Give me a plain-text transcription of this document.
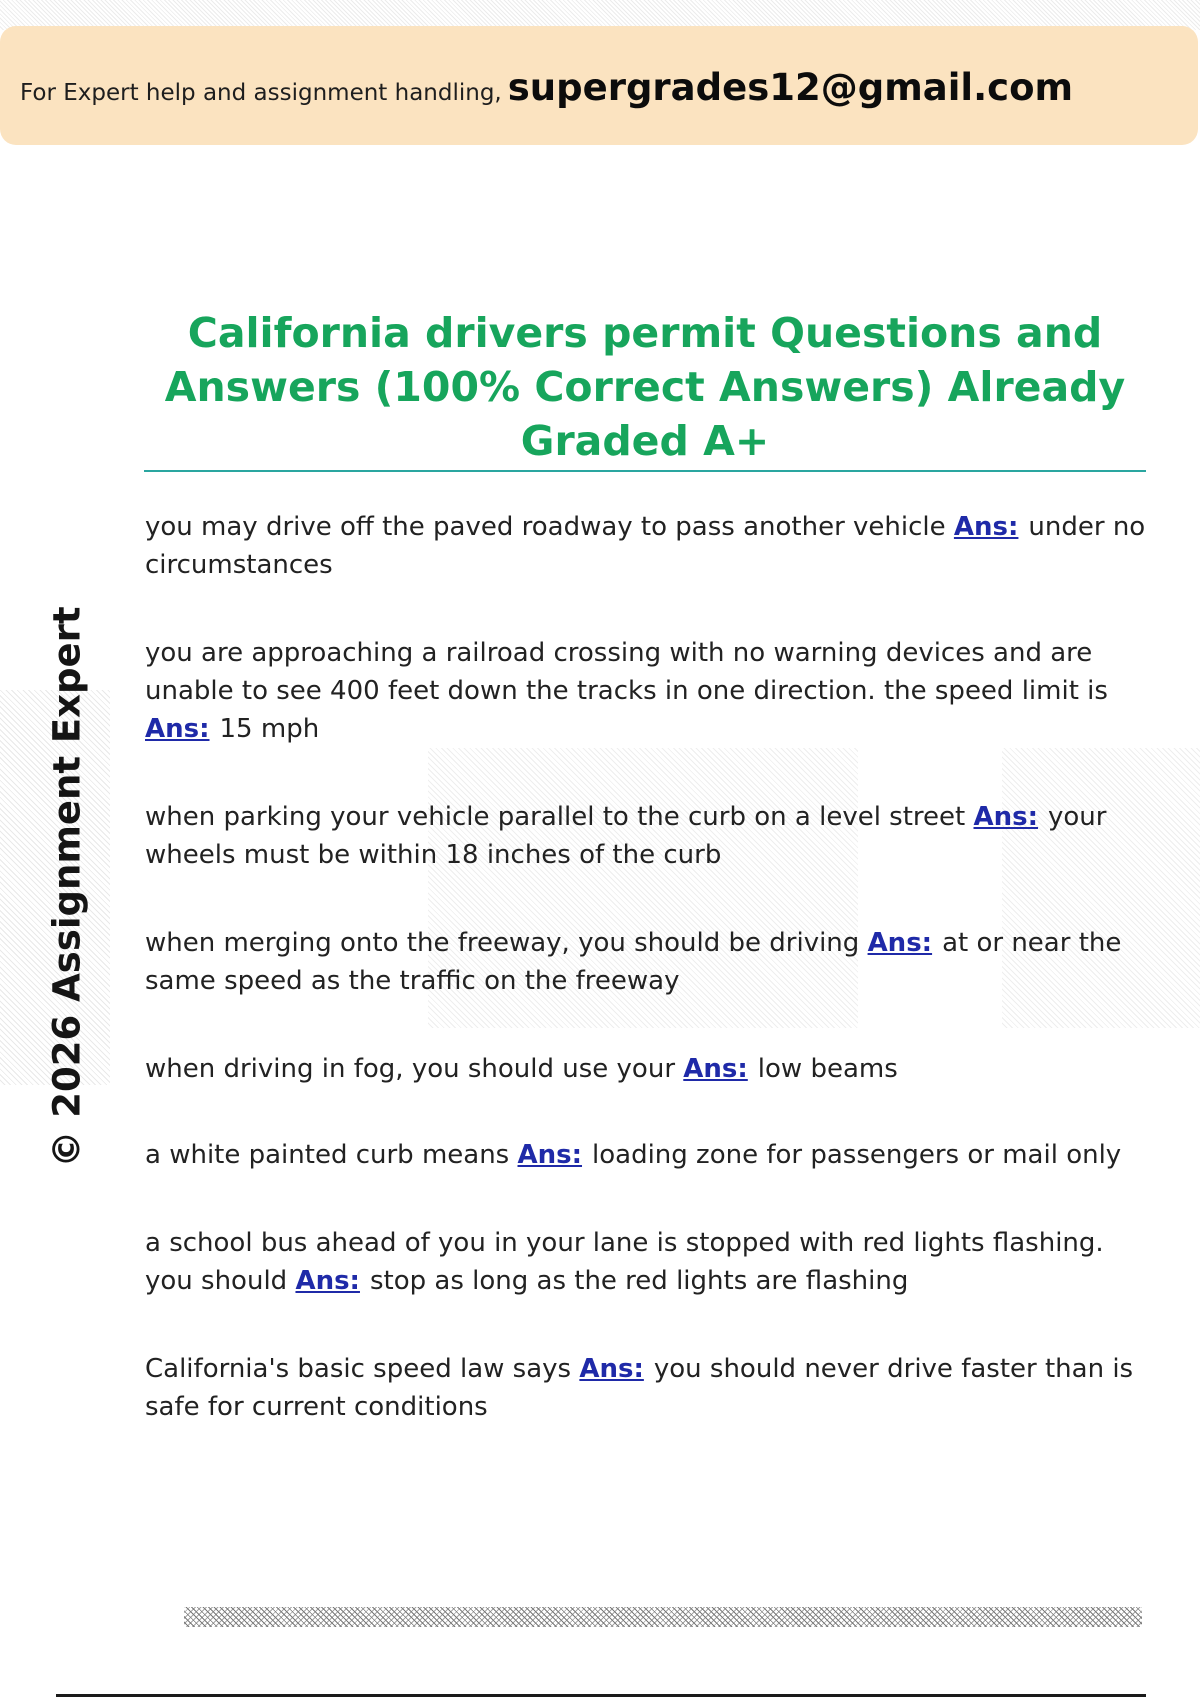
For Expert help and assignment handling, supergrades12@gmail.com
© 2026 Assignment Expert
California drivers permit Questions and Answers (100% Correct Answers) Already Graded A+
you may drive off the paved roadway to pass another vehicle Ans: under no circumstances
you are approaching a railroad crossing with no warning devices and are unable to see 400 feet down the tracks in one direction. the speed limit is Ans: 15 mph
when parking your vehicle parallel to the curb on a level street Ans: your wheels must be within 18 inches of the curb
when merging onto the freeway, you should be driving Ans: at or near the same speed as the traffic on the freeway
when driving in fog, you should use your Ans: low beams
a white painted curb means Ans: loading zone for passengers or mail only
a school bus ahead of you in your lane is stopped with red lights flashing. you should Ans: stop as long as the red lights are flashing
California's basic speed law says Ans: you should never drive faster than is safe for current conditions
